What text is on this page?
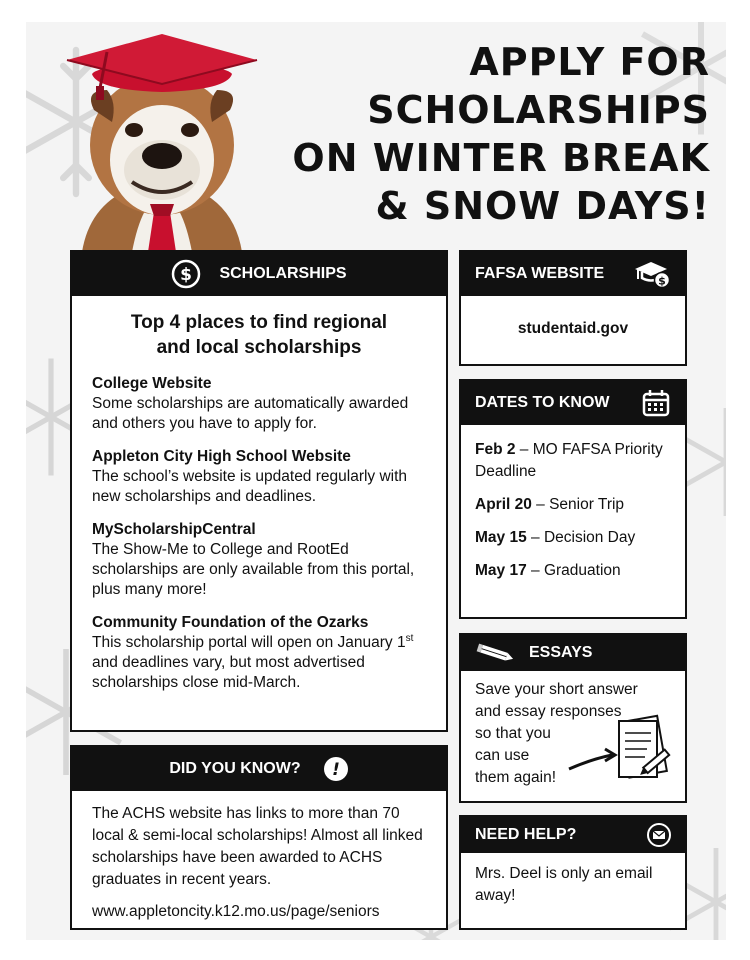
APPLY FOR
SCHOLARSHIPS
ON WINTER BREAK
& SNOW DAYS!
$ SCHOLARSHIPS
Top 4 places to find regional
and local scholarships
College Website

Some scholarships are automatically awarded and others you have to apply for.

Appleton City High School Website

The school’s website is updated regularly with new scholarships and deadlines.

MyScholarshipCentral

The Show-Me to College and RootEd scholarships are only available from this portal, plus many more!

Community Foundation of the Ozarks

This scholarship portal will open on January 1st and deadlines vary, but most advertised scholarships close mid-March.

DID YOU KNOW? !

The ACHS website has links to more than 70 local & semi-local scholarships! Almost all linked scholarships have been awarded to ACHS graduates in recent years.

www.appletoncity.k12.mo.us/page/seniors

FAFSA WEBSITE	$
studentaid.gov
DATES TO KNOW
Feb 2 – MO FAFSA Priority Deadline
April 20 – Senior Trip
May 15 – Decision Day
May 17 – Graduation
ESSAYS
Save your short answer
and essay responses
so that you
can use
them again!
NEED HELP?
Mrs. Deel is only an email away!
